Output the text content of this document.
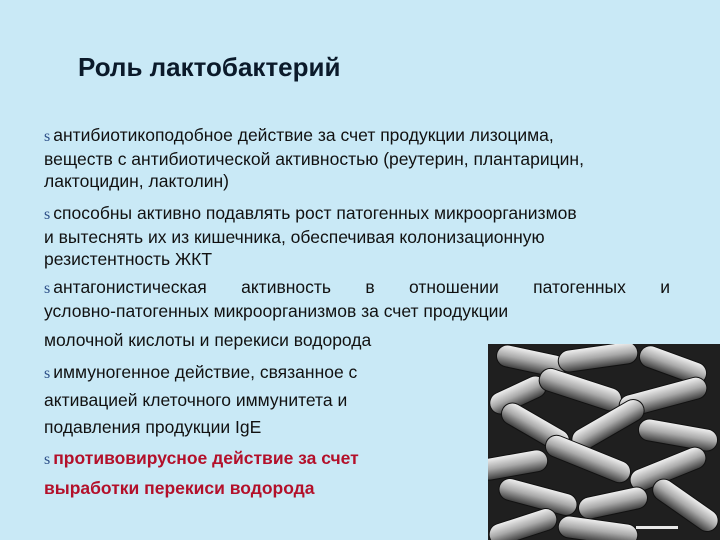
Роль лактобактерий

s антибиотикоподобное действие за счет продукции лизоцима,
веществ с антибиотической активностью (реутерин, плантарицин,
лактоцидин, лактолин)

s способны активно подавлять рост патогенных микроорганизмов
и вытеснять их из кишечника, обеспечивая колонизационную
резистентность ЖКТ

s антагонистическая активность в отношении патогенных и
условно-патогенных микроорганизмов за счет продукции

молочной кислоты и перекиси водорода

s иммуногенное действие, связанное с
активацией клеточного иммунитета и
подавления продукции IgE

s противовирусное действие за счет
выработки перекиси водорода
